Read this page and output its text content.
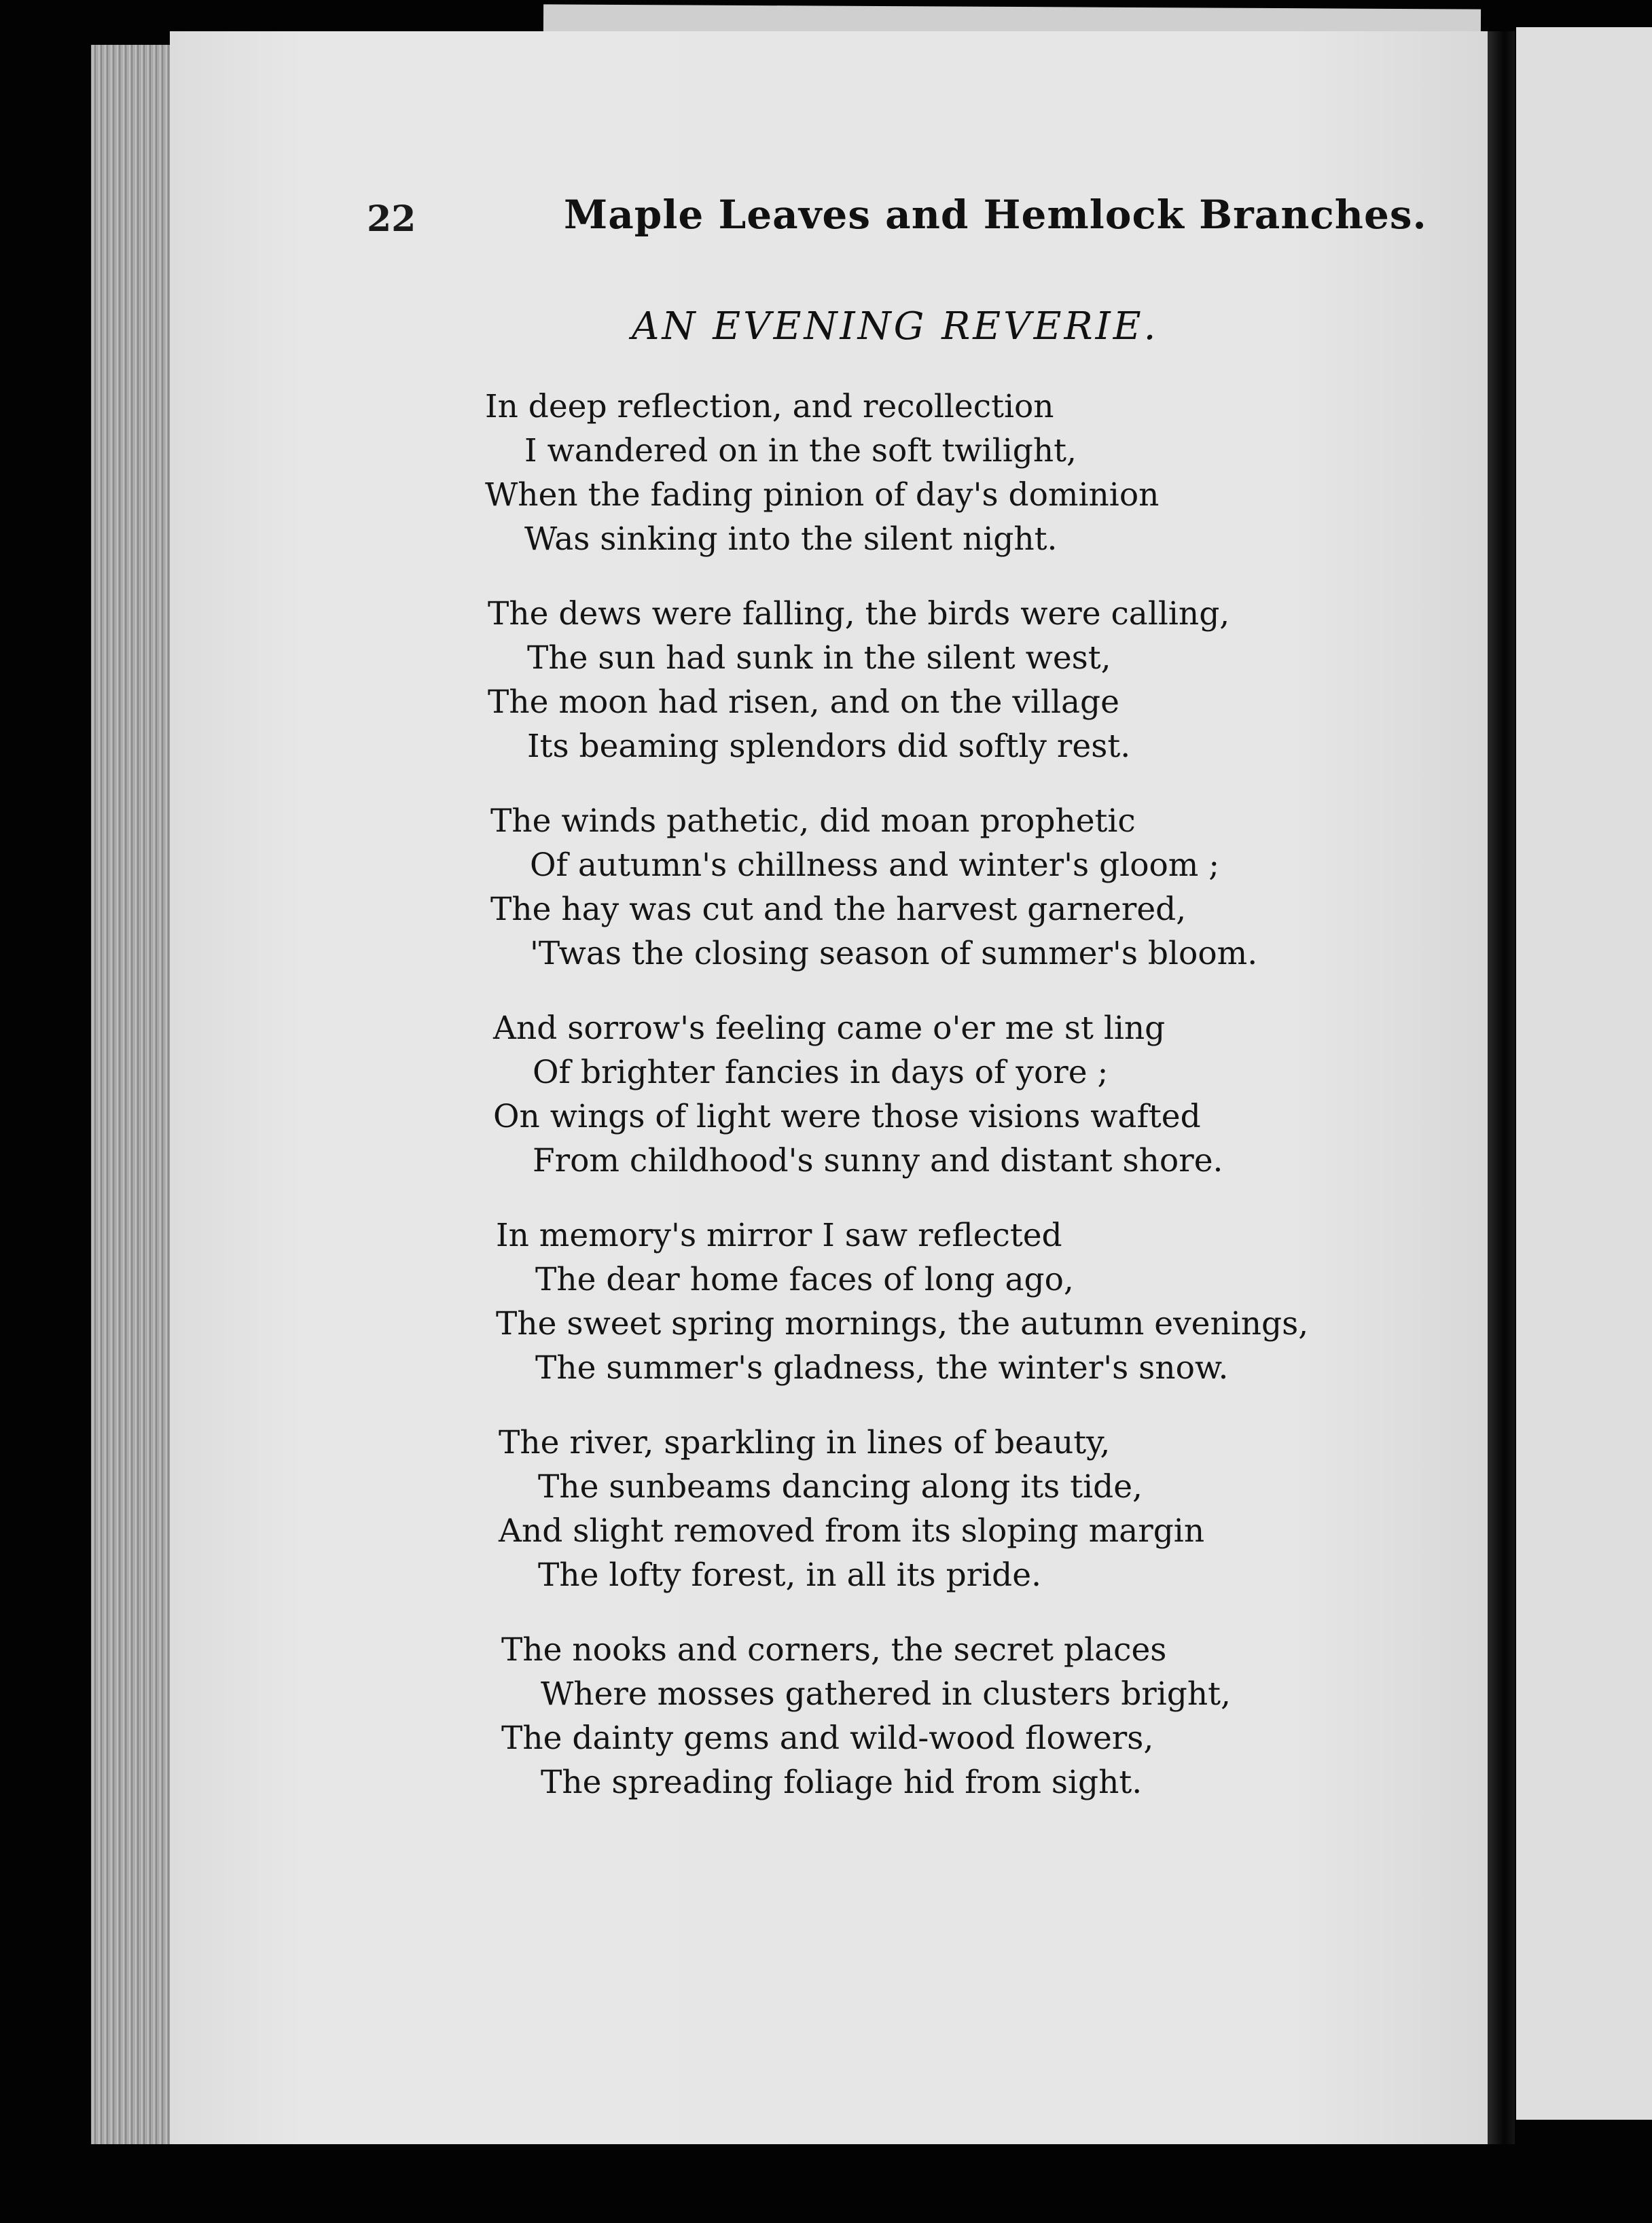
22	Maple Leaves and Hemlock Branches.
AN EVENING REVERIE.
In deep reflection, and recollection
I wandered on in the soft twilight,
When the fading pinion of day's dominion
Was sinking into the silent night.
The dews were falling, the birds were calling,
The sun had sunk in the silent west,
The moon had risen, and on the village
Its beaming splendors did softly rest.
The winds pathetic, did moan prophetic
Of autumn's chillness and winter's gloom ;
The hay was cut and the harvest garnered,
'Twas the closing season of summer's bloom.
And sorrow's feeling came o'er me st ling
Of brighter fancies in days of yore ;
On wings of light were those visions wafted
From childhood's sunny and distant shore.
In memory's mirror I saw reflected
The dear home faces of long ago,
The sweet spring mornings, the autumn evenings,
The summer's gladness, the winter's snow.
The river, sparkling in lines of beauty,
The sunbeams dancing along its tide,
And slight removed from its sloping margin
The lofty forest, in all its pride.
The nooks and corners, the secret places
Where mosses gathered in clusters bright,
The dainty gems and wild-wood flowers,
The spreading foliage hid from sight.
